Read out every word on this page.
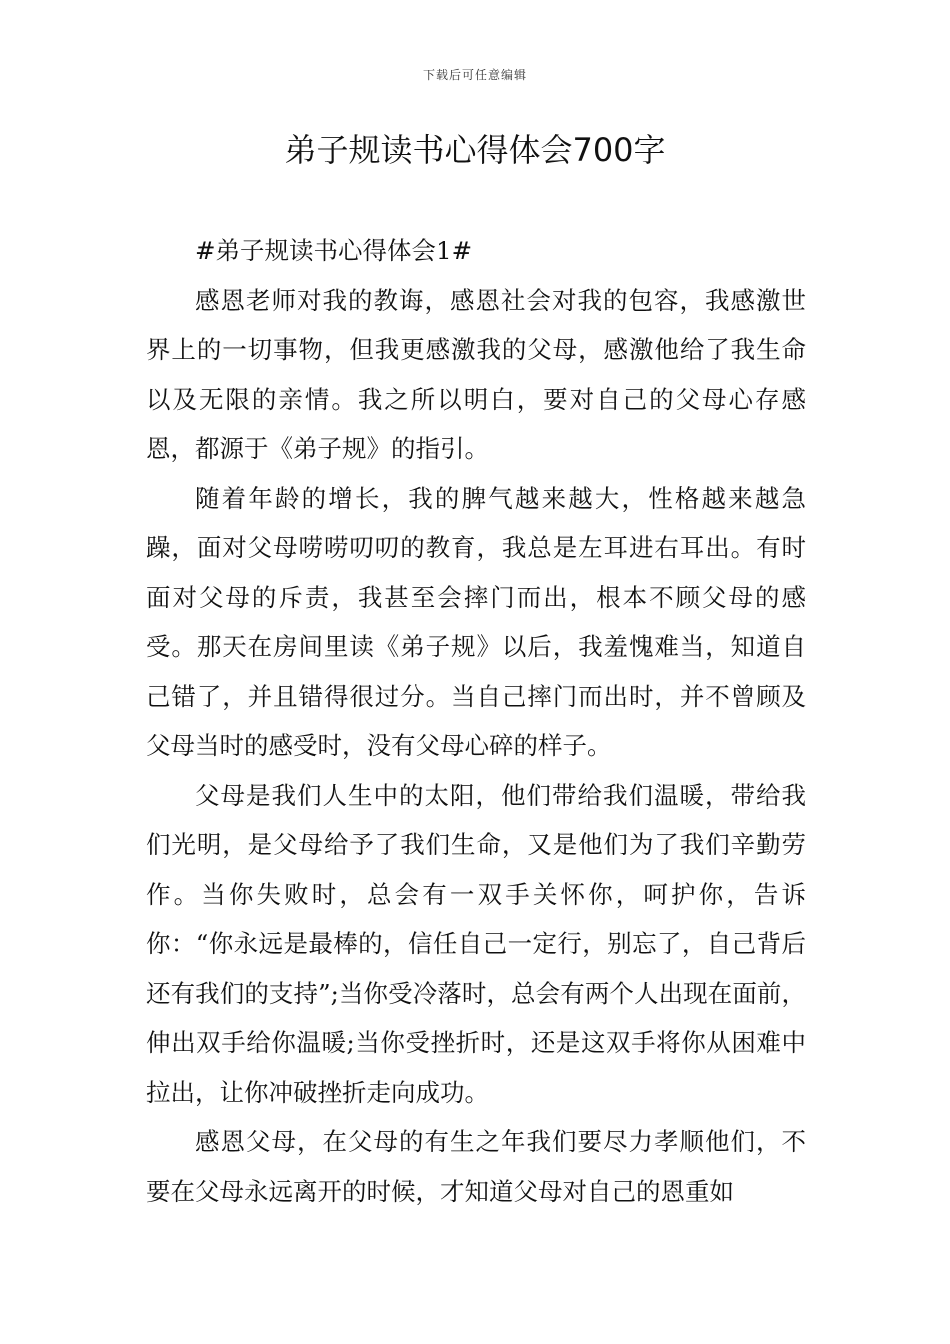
下载后可任意编辑
弟子规读书心得体会700字

#弟子规读书心得体会1#

感恩老师对我的教诲，感恩社会对我的包容，我感激世界上的一切事物，但我更感激我的父母，感激他给了我生命以及无限的亲情。我之所以明白，要对自己的父母心存感恩，都源于《弟子规》的指引。

随着年龄的增长，我的脾气越来越大，性格越来越急躁，面对父母唠唠叨叨的教育，我总是左耳进右耳出。有时面对父母的斥责，我甚至会摔门而出，根本不顾父母的感受。那天在房间里读《弟子规》以后，我羞愧难当，知道自己错了，并且错得很过分。当自己摔门而出时，并不曾顾及父母当时的感受时，没有父母心碎的样子。

父母是我们人生中的太阳，他们带给我们温暖，带给我们光明，是父母给予了我们生命，又是他们为了我们辛勤劳作。当你失败时，总会有一双手关怀你，呵护你，告诉你：“你永远是最棒的，信任自己一定行，别忘了，自己背后还有我们的支持”;当你受冷落时，总会有两个人出现在面前，伸出双手给你温暖;当你受挫折时，还是这双手将你从困难中拉出，让你冲破挫折走向成功。

感恩父母，在父母的有生之年我们要尽力孝顺他们，不要在父母永远离开的时候，才知道父母对自己的恩重如
